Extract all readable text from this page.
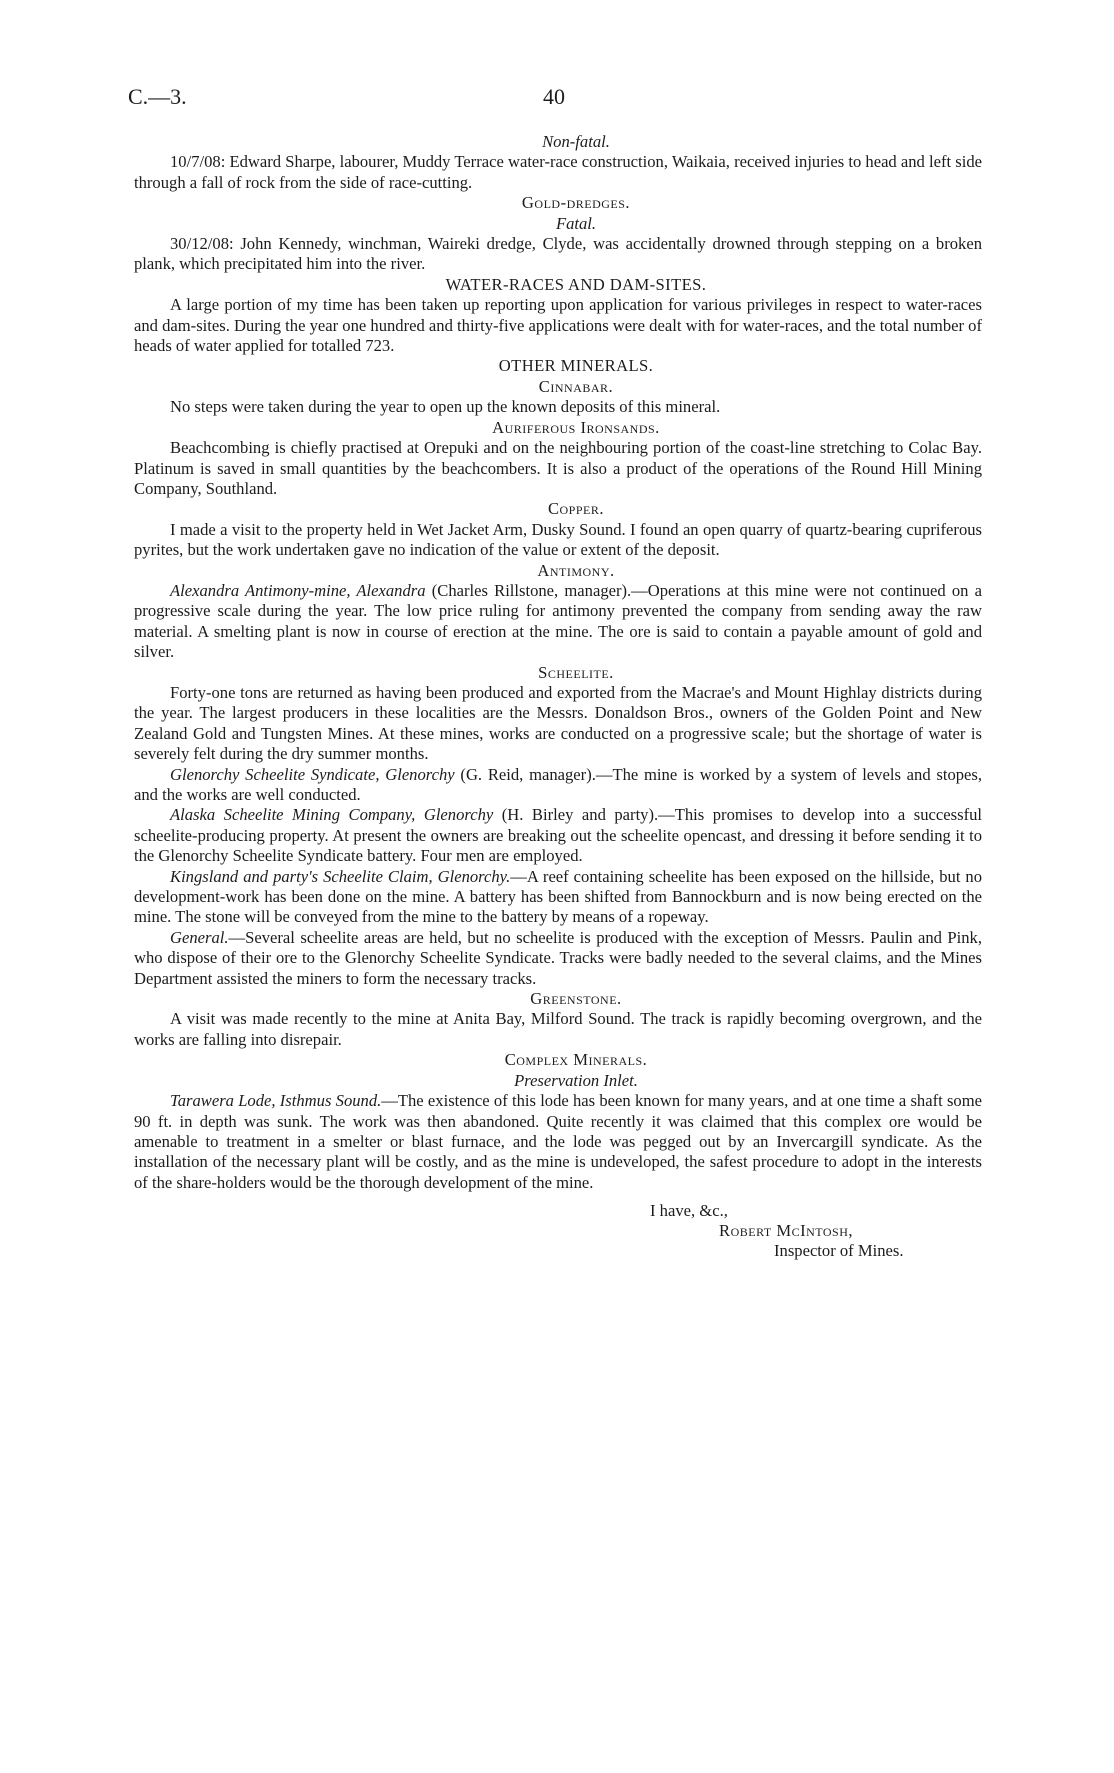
C.—3.	40

Non-fatal.

10/7/08: Edward Sharpe, labourer, Muddy Terrace water-race construction, Waikaia, received injuries to head and left side through a fall of rock from the side of race-cutting.

Gold-dredges.

Fatal.

30/12/08: John Kennedy, winchman, Waireki dredge, Clyde, was accidentally drowned through stepping on a broken plank, which precipitated him into the river.

WATER-RACES AND DAM-SITES.

A large portion of my time has been taken up reporting upon application for various privileges in respect to water-races and dam-sites. During the year one hundred and thirty-five applications were dealt with for water-races, and the total number of heads of water applied for totalled 723.

OTHER MINERALS.

Cinnabar.

No steps were taken during the year to open up the known deposits of this mineral.

Auriferous Ironsands.

Beachcombing is chiefly practised at Orepuki and on the neighbouring portion of the coast-line stretching to Colac Bay. Platinum is saved in small quantities by the beachcombers. It is also a product of the operations of the Round Hill Mining Company, Southland.

Copper.

I made a visit to the property held in Wet Jacket Arm, Dusky Sound. I found an open quarry of quartz-bearing cupriferous pyrites, but the work undertaken gave no indication of the value or extent of the deposit.

Antimony.

Alexandra Antimony-mine, Alexandra (Charles Rillstone, manager).—Operations at this mine were not continued on a progressive scale during the year. The low price ruling for antimony prevented the company from sending away the raw material. A smelting plant is now in course of erection at the mine. The ore is said to contain a payable amount of gold and silver.

Scheelite.

Forty-one tons are returned as having been produced and exported from the Macrae's and Mount Highlay districts during the year. The largest producers in these localities are the Messrs. Donaldson Bros., owners of the Golden Point and New Zealand Gold and Tungsten Mines. At these mines, works are conducted on a progressive scale; but the shortage of water is severely felt during the dry summer months.

Glenorchy Scheelite Syndicate, Glenorchy (G. Reid, manager).—The mine is worked by a system of levels and stopes, and the works are well conducted.

Alaska Scheelite Mining Company, Glenorchy (H. Birley and party).—This promises to develop into a successful scheelite-producing property. At present the owners are breaking out the scheelite opencast, and dressing it before sending it to the Glenorchy Scheelite Syndicate battery. Four men are employed.

Kingsland and party's Scheelite Claim, Glenorchy.—A reef containing scheelite has been exposed on the hillside, but no development-work has been done on the mine. A battery has been shifted from Bannockburn and is now being erected on the mine. The stone will be conveyed from the mine to the battery by means of a ropeway.

General.—Several scheelite areas are held, but no scheelite is produced with the exception of Messrs. Paulin and Pink, who dispose of their ore to the Glenorchy Scheelite Syndicate. Tracks were badly needed to the several claims, and the Mines Department assisted the miners to form the necessary tracks.

Greenstone.

A visit was made recently to the mine at Anita Bay, Milford Sound. The track is rapidly becoming overgrown, and the works are falling into disrepair.

Complex Minerals.

Preservation Inlet.

Tarawera Lode, Isthmus Sound.—The existence of this lode has been known for many years, and at one time a shaft some 90 ft. in depth was sunk. The work was then abandoned. Quite recently it was claimed that this complex ore would be amenable to treatment in a smelter or blast furnace, and the lode was pegged out by an Invercargill syndicate. As the installation of the necessary plant will be costly, and as the mine is undeveloped, the safest procedure to adopt in the interests of the share-holders would be the thorough development of the mine.

I have, &c.,
Robert McIntosh,
Inspector of Mines.
